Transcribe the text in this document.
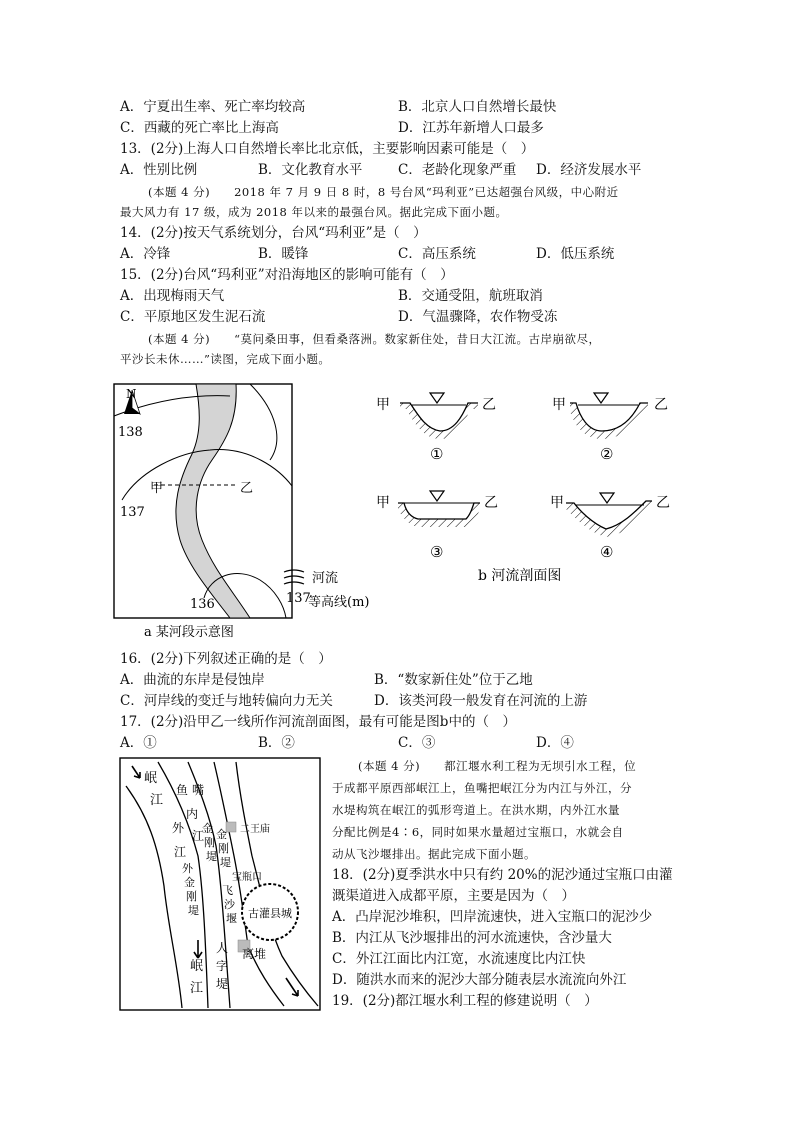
A．宁夏出生率、死亡率均较高	B．北京人口自然增长最快
C．西藏的死亡率比上海高	D．江苏年新增人口最多
13．(2分)上海人口自然增长率比北京低，主要影响因素可能是（　）
A．性别比例	B．文化教育水平	C．老龄化现象严重 D．经济发展水平
(本题 4 分)　　2018 年 7 月 9 日 8 时，8 号台风“玛利亚”已达超强台风级，中心附近
最大风力有 17 级，成为 2018 年以来的最强台风。据此完成下面小题。
14．(2分)按天气系统划分，台风“玛利亚”是（　）
A．冷锋	B．暖锋	C．高压系统	D．低压系统
15．(2分)台风“玛利亚”对沿海地区的影响可能有（　）
A．出现梅雨天气	B．交通受阻，航班取消
C．平原地区发生泥石流	D．气温骤降，农作物受冻
(本题 4 分)　　“莫问桑田事，但看桑落洲。数家新住处，昔日大江流。古岸崩欲尽，
平沙长未休……”读图，完成下面小题。
N
138
137
136	137
甲	乙
河流
等高线(m)
a 某河段示意图
甲	乙
①
甲	乙
②
甲	乙
③
甲	乙
④
b 河流剖面图
16．(2分)下列叙述正确的是（　）
A．曲流的东岸是侵蚀岸	B．“数家新住处”位于乙地
C．河岸线的变迁与地转偏向力无关	D．该类河段一般发育在河流的上游
17．(2分)沿甲乙一线所作河流剖面图，最有可能是图b中的（　）
A．①	B．②	C．③	D．④
岷
江
鱼 嘴
内
江
外
江
金
刚
堤
金
刚
堤
外
金
刚
堤
二王庙
宝瓶口
飞
沙
堰 古灌县城
人
字
堤
岷
江
离堆
(本题 4 分)　　都江堰水利工程为无坝引水工程，位
于成都平原西部岷江上，鱼嘴把岷江分为内江与外江，分
水堤构筑在岷江的弧形弯道上。在洪水期，内外江水量
分配比例是4∶6，同时如果水量超过宝瓶口，水就会自
动从飞沙堰排出。据此完成下面小题。
18．(2分)夏季洪水中只有约 20%的泥沙通过宝瓶口由灌
溉渠道进入成都平原，主要是因为（　）
A．凸岸泥沙堆积，凹岸流速快，进入宝瓶口的泥沙少
B．内江从飞沙堰排出的河水流速快，含沙量大
C．外江江面比内江宽，水流速度比内江快
D．随洪水而来的泥沙大部分随表层水流流向外江
19．(2分)都江堰水利工程的修建说明（　）
